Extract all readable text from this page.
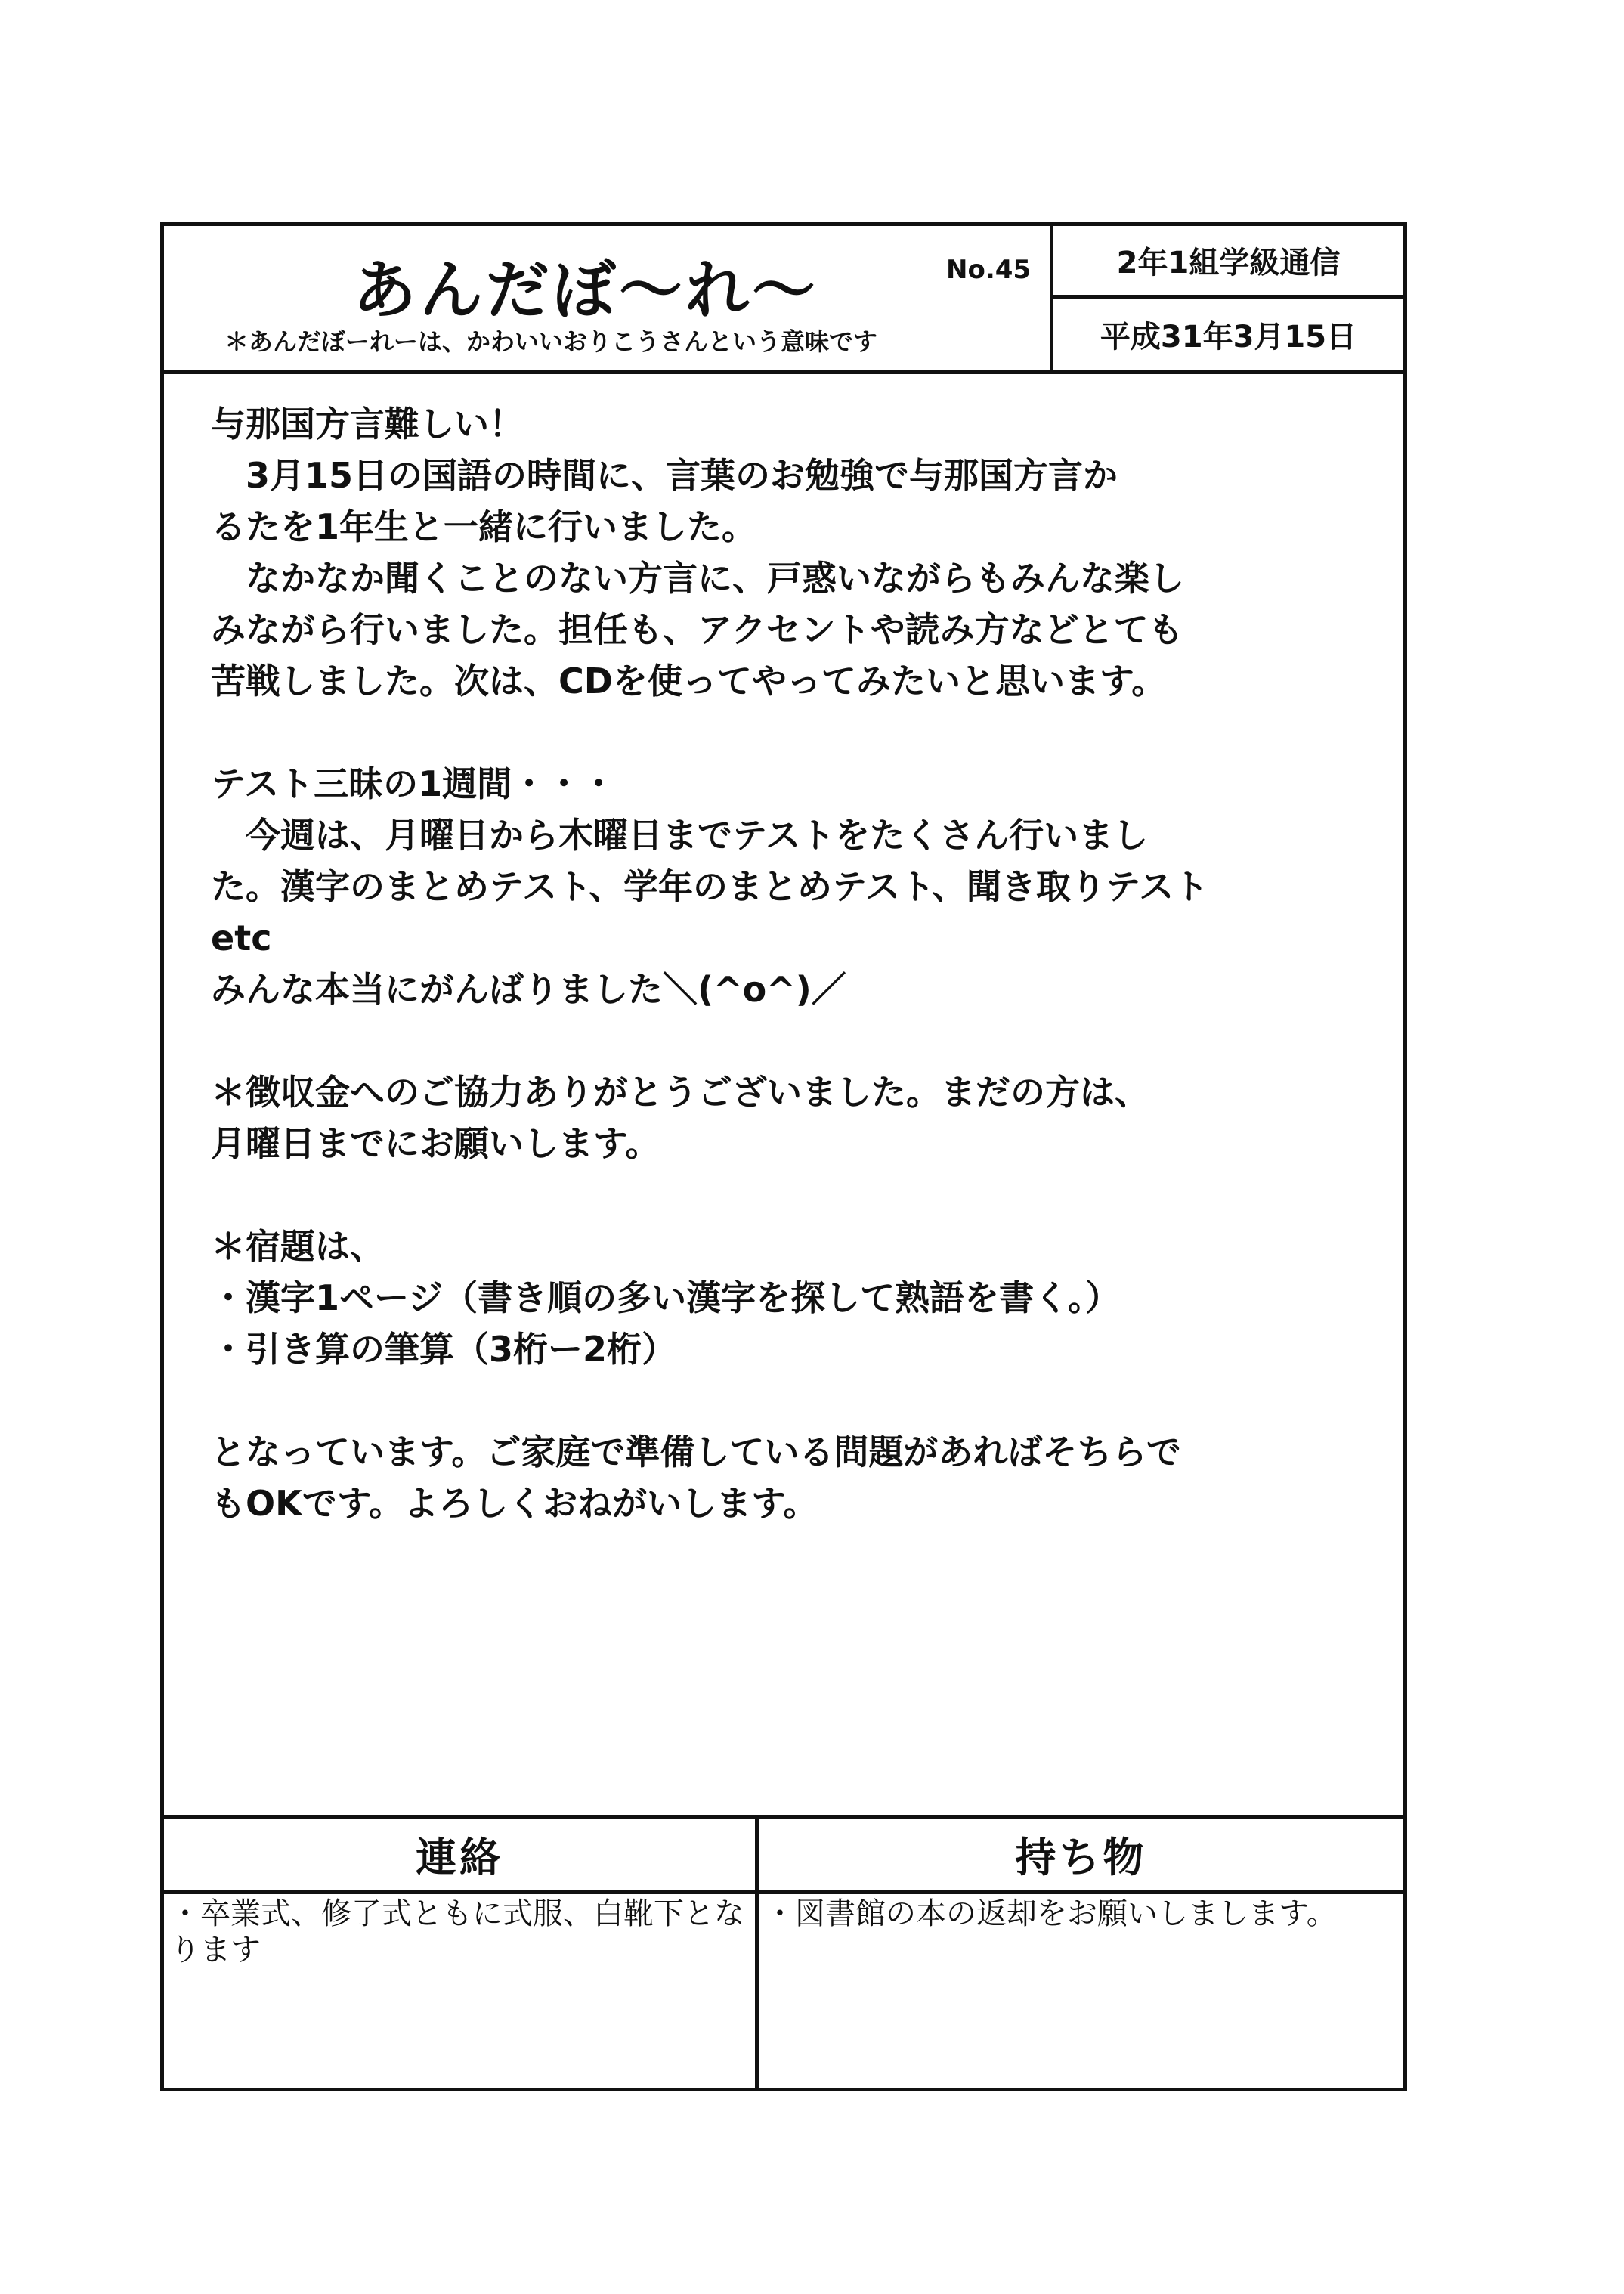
あんだぼ〜れ〜	No.45
＊あんだぼーれーは、かわいいおりこうさんという意味です
2年1組学級通信
平成31年3月15日
与那国方言難しい！
　3月15日の国語の時間に、言葉のお勉強で与那国方言か
るたを1年生と一緒に行いました。
　なかなか聞くことのない方言に、戸惑いながらもみんな楽し
みながら行いました。担任も、アクセントや読み方などとても
苦戦しました。次は、CDを使ってやってみたいと思います。
テスト三昧の1週間・・・
　今週は、月曜日から木曜日までテストをたくさん行いまし
た。漢字のまとめテスト、学年のまとめテスト、聞き取りテスト
etc
みんな本当にがんばりました＼(^o^)／
＊徴収金へのご協力ありがとうございました。まだの方は、
月曜日までにお願いします。
＊宿題は、
・漢字1ページ（書き順の多い漢字を探して熟語を書く。）
・引き算の筆算（3桁ー2桁）
となっています。ご家庭で準備している問題があればそちらで
もOKです。よろしくおねがいします。
連絡
・卒業式、修了式ともに式服、白靴下となります
持ち物
・図書館の本の返却をお願いしまします。
